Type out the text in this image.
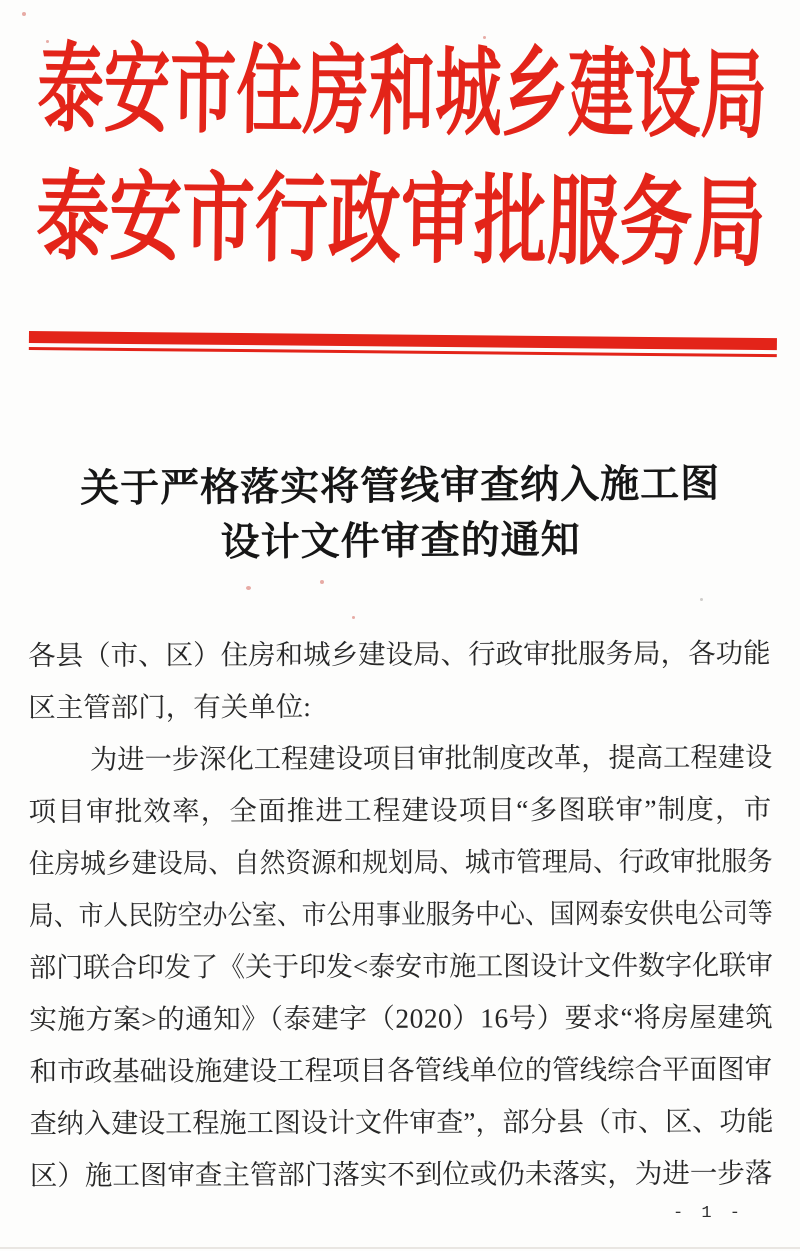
泰安市住房和城乡建设局
泰安市行政审批服务局
关于严格落实将管线审查纳入施工图
设计文件审查的通知
各县（市、区）住房和城乡建设局、行政审批服务局，各功能
区主管部门，有关单位:
为进一步深化工程建设项目审批制度改革，提高工程建设
项目审批效率，全面推进工程建设项目“多图联审”制度，市
住房城乡建设局、自然资源和规划局、城市管理局、行政审批服务
局、市人民防空办公室、市公用事业服务中心、国网泰安供电公司等
部门联合印发了《关于印发<泰安市施工图设计文件数字化联审
实施方案>的通知》（泰建字（2020）16号）要求“将房屋建筑
和市政基础设施建设工程项目各管线单位的管线综合平面图审
查纳入建设工程施工图设计文件审查”，部分县（市、区、功能
区）施工图审查主管部门落实不到位或仍未落实，为进一步落
- 1 -
